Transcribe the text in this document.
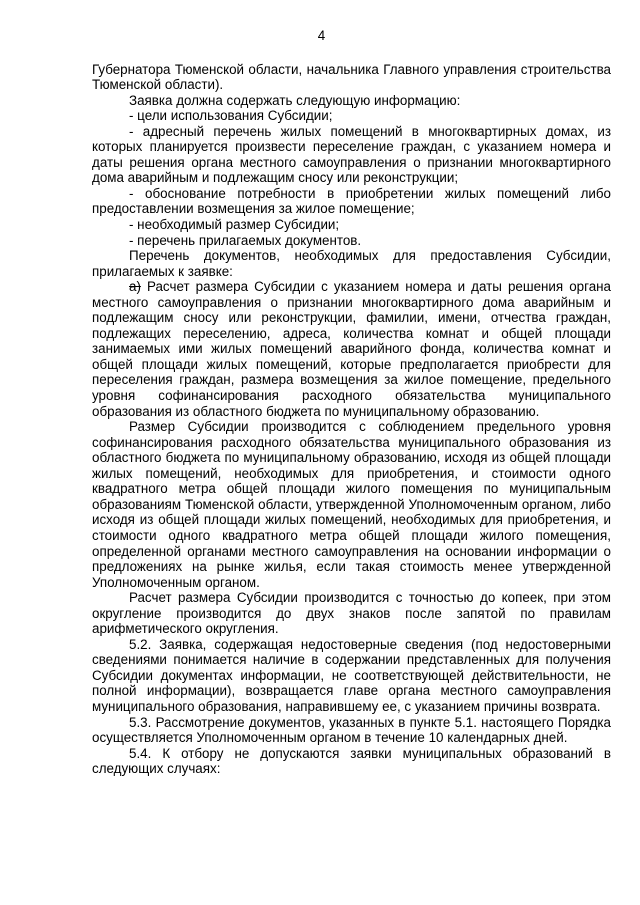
4

Губернатора Тюменской области, начальника Главного управления строительства Тюменской области).

Заявка должна содержать следующую информацию:

- цели использования Субсидии;

- адресный перечень жилых помещений в многоквартирных домах, из которых планируется произвести переселение граждан, с указанием номера и даты решения органа местного самоуправления о признании многоквартирного дома аварийным и подлежащим сносу или реконструкции;

- обоснование потребности в приобретении жилых помещений либо предоставлении возмещения за жилое помещение;

- необходимый размер Субсидии;

- перечень прилагаемых документов.

Перечень документов, необходимых для предоставления Субсидии, прилагаемых к заявке:

а) Расчет размера Субсидии с указанием номера и даты решения органа местного самоуправления о признании многоквартирного дома аварийным и подлежащим сносу или реконструкции, фамилии, имени, отчества граждан, подлежащих переселению, адреса, количества комнат и общей площади занимаемых ими жилых помещений аварийного фонда, количества комнат и общей площади жилых помещений, которые предполагается приобрести для переселения граждан, размера возмещения за жилое помещение, предельного уровня софинансирования расходного обязательства муниципального образования из областного бюджета по муниципальному образованию.

Размер Субсидии производится с соблюдением предельного уровня софинансирования расходного обязательства муниципального образования из областного бюджета по муниципальному образованию, исходя из общей площади жилых помещений, необходимых для приобретения, и стоимости одного квадратного метра общей площади жилого помещения по муниципальным образованиям Тюменской области, утвержденной Уполномоченным органом, либо исходя из общей площади жилых помещений, необходимых для приобретения, и стоимости одного квадратного метра общей площади жилого помещения, определенной органами местного самоуправления на основании информации о предложениях на рынке жилья, если такая стоимость менее утвержденной Уполномоченным органом.

Расчет размера Субсидии производится с точностью до копеек, при этом округление производится до двух знаков после запятой по правилам арифметического округления.

5.2. Заявка, содержащая недостоверные сведения (под недостоверными сведениями понимается наличие в содержании представленных для получения Субсидии документах информации, не соответствующей действительности, не полной информации), возвращается главе органа местного самоуправления муниципального образования, направившему ее, с указанием причины возврата.

5.3. Рассмотрение документов, указанных в пункте 5.1. настоящего Порядка осуществляется Уполномоченным органом в течение 10 календарных дней.

5.4. К отбору не допускаются заявки муниципальных образований в следующих случаях:
